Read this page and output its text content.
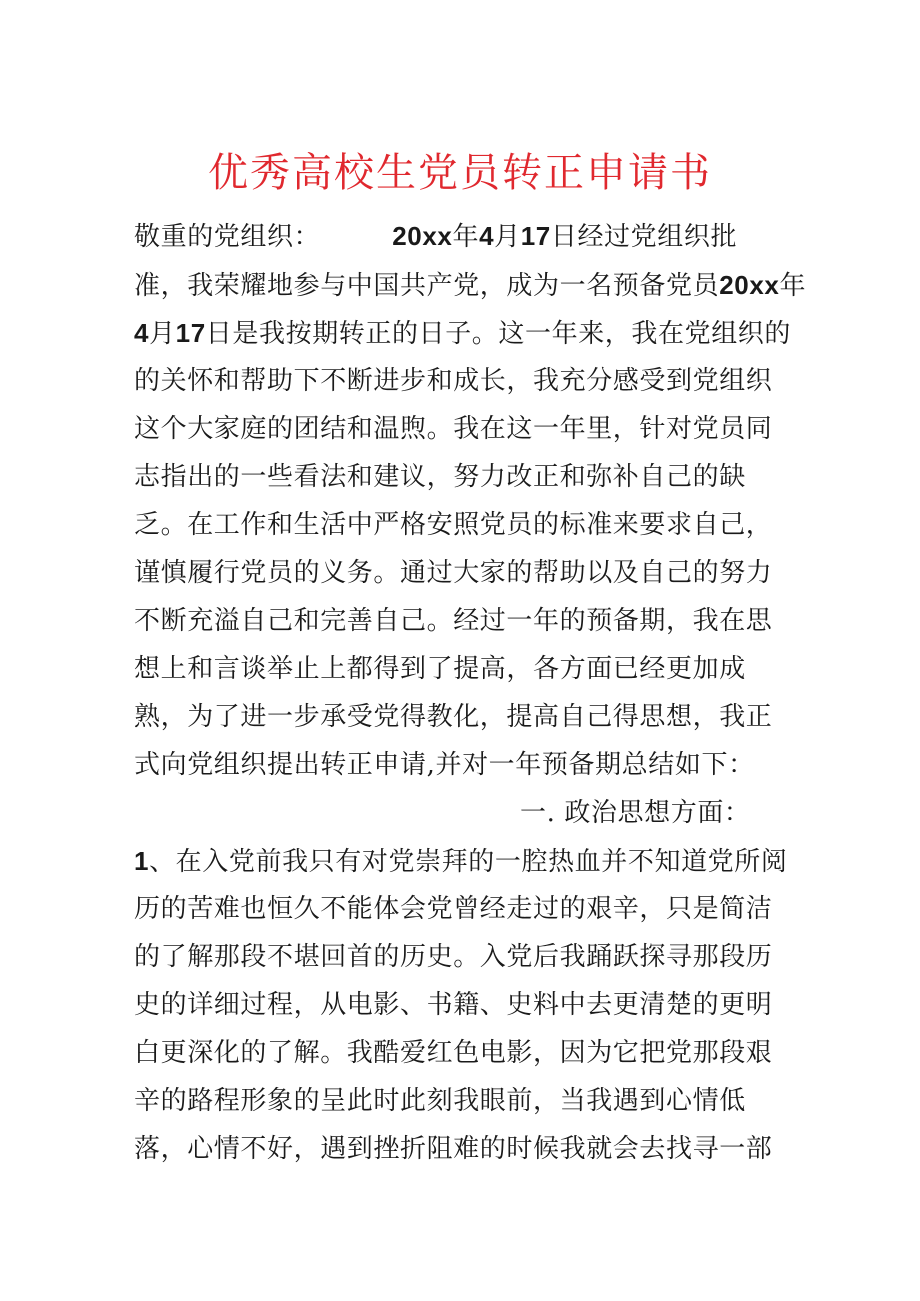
优秀高校生党员转正申请书
敬重的党组织：	20xx年4月17日经过党组织批
准，我荣耀地参与中国共产党，成为一名预备党员20xx年
4月17日是我按期转正的日子。这一年来，我在党组织的
的关怀和帮助下不断进步和成长，我充分感受到党组织
这个大家庭的团结和温煦。我在这一年里，针对党员同
志指出的一些看法和建议，努力改正和弥补自己的缺
乏。在工作和生活中严格安照党员的标准来要求自己，
谨慎履行党员的义务。通过大家的帮助以及自己的努力
不断充溢自己和完善自己。经过一年的预备期，我在思
想上和言谈举止上都得到了提高，各方面已经更加成
熟，为了进一步承受党得教化，提高自己得思想，我正
式向党组织提出转正申请,并对一年预备期总结如下：
一. 政治思想方面：
1、在入党前我只有对党崇拜的一腔热血并不知道党所阅
历的苦难也恒久不能体会党曾经走过的艰辛，只是简洁
的了解那段不堪回首的历史。入党后我踊跃探寻那段历
史的详细过程，从电影、书籍、史料中去更清楚的更明
白更深化的了解。我酷爱红色电影，因为它把党那段艰
辛的路程形象的呈此时此刻我眼前，当我遇到心情低
落，心情不好，遇到挫折阻难的时候我就会去找寻一部
